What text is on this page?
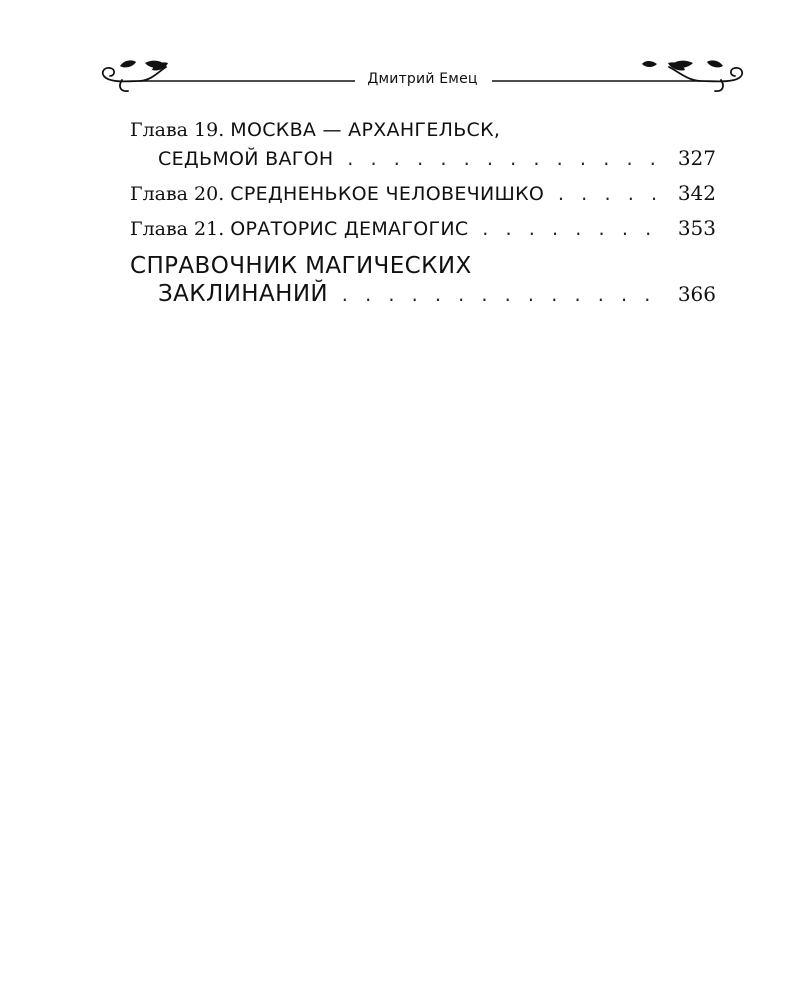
Дмитрий Емец
Глава 19. МОСКВА — АРХАНГЕЛЬСК,
СЕДЬМОЙ ВАГОН . . .	327
Глава 20. СРЕДНЕНЬКОЕ ЧЕЛОВЕЧИШКО . . .	342
Глава 21. ОРАТОРИС ДЕМАГОГИС . . .	353
СПРАВОЧНИК МАГИЧЕСКИХ
ЗАКЛИНАНИЙ . . .	366
